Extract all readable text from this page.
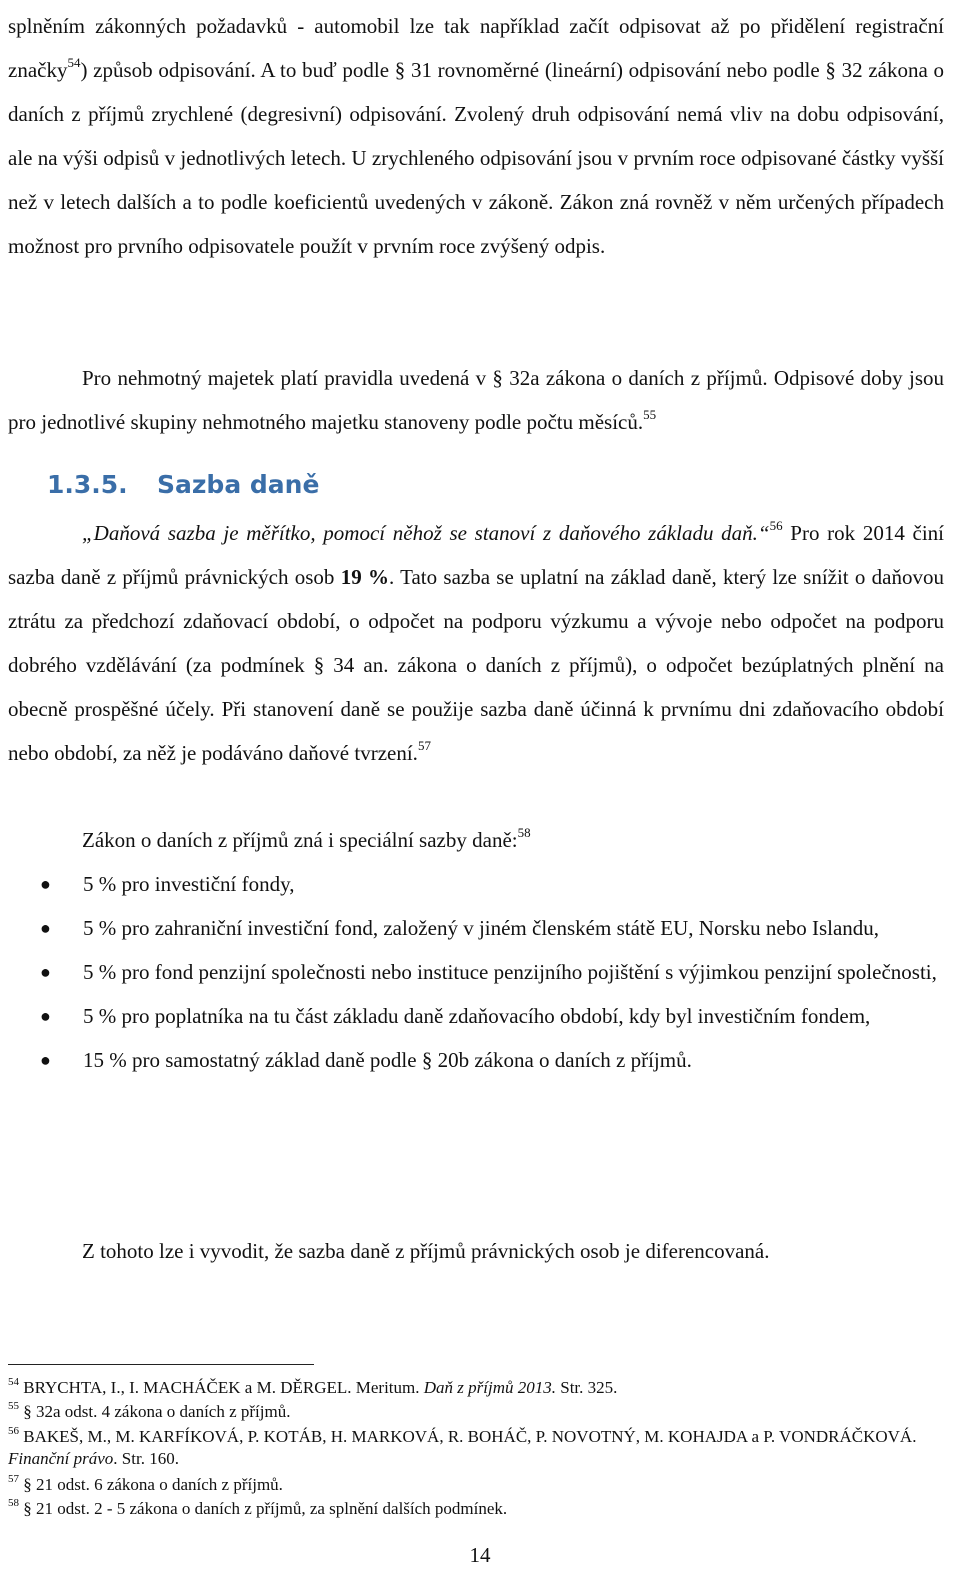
splněním zákonných požadavků - automobil lze tak například začít odpisovat až po přidělení registrační značky$^{54}$) způsob odpisování. A to buď podle § 31 rovnoměrné (lineární) odpisování nebo podle § 32 zákona o daních z příjmů zrychlené (degresivní) odpisování. Zvolený druh odpisování nemá vliv na dobu odpisování, ale na výši odpisů v jednotlivých letech. U zrychleného odpisování jsou v prvním roce odpisované částky vyšší než v letech dalších a to podle koeficientů uvedených v zákoně. Zákon zná rovněž v něm určených případech možnost pro prvního odpisovatele použít v prvním roce zvýšený odpis.

Pro nehmotný majetek platí pravidla uvedená v § 32a zákona o daních z příjmů. Odpisové doby jsou pro jednotlivé skupiny nehmotného majetku stanoveny podle počtu měsíců.$^{55}$

1.3.5. Sazba daně

„Daňová sazba je měřítko, pomocí něhož se stanoví z daňového základu daň.“$^{56}$ Pro rok 2014 činí sazba daně z příjmů právnických osob 19 %. Tato sazba se uplatní na základ daně, který lze snížit o daňovou ztrátu za předchozí zdaňovací období, o odpočet na podporu výzkumu a vývoje nebo odpočet na podporu dobrého vzdělávání (za podmínek § 34 an. zákona o daních z příjmů), o odpočet bezúplatných plnění na obecně prospěšné účely. Při stanovení daně se použije sazba daně účinná k prvnímu dni zdaňovacího období nebo období, za něž je podáváno daňové tvrzení.$^{57}$

Zákon o daních z příjmů zná i speciální sazby daně:$^{58}$

● 5 % pro investiční fondy,
● 5 % pro zahraniční investiční fond, založený v jiném členském státě EU, Norsku nebo Islandu,
● 5 % pro fond penzijní společnosti nebo instituce penzijního pojištění s výjimkou penzijní společnosti,
● 5 % pro poplatníka na tu část základu daně zdaňovacího období, kdy byl investičním fondem,
● 15 % pro samostatný základ daně podle § 20b zákona o daních z příjmů.

Z tohoto lze i vyvodit, že sazba daně z příjmů právnických osob je diferencovaná.

$^{54}$ BRYCHTA, I., I. MACHÁČEK a M. DĚRGEL. Meritum. Daň z příjmů 2013. Str. 325.

$^{55}$ § 32a odst. 4 zákona o daních z příjmů.

$^{56}$ BAKEŠ, M., M. KARFÍKOVÁ, P. KOTÁB, H. MARKOVÁ, R. BOHÁČ, P. NOVOTNÝ, M. KOHAJDA a P. VONDRÁČKOVÁ. Finanční právo. Str. 160.

$^{57}$ § 21 odst. 6 zákona o daních z příjmů.

$^{58}$ § 21 odst. 2 - 5 zákona o daních z příjmů, za splnění dalších podmínek.

14
